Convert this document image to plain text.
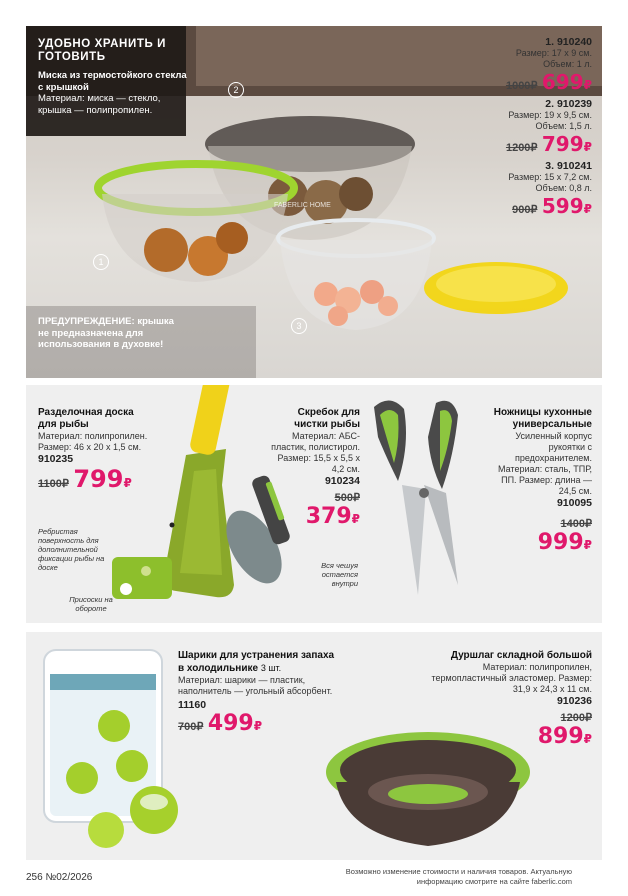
УДОБНО ХРАНИТЬ И ГОТОВИТЬ
Миска из термостойкого стекла с крышкой
Материал: миска — стекло, крышка — полипропилен.
ПРЕДУПРЕЖДЕНИЕ: крышка не предназначена для использования в духовке!
1
2
3
FABERLIC HOME
1. 910240
Размер: 17 х 9 см.
Объем: 1 л.
1000₽ 699₽
2. 910239
Размер: 19 х 9,5 см.
Объем: 1,5 л.
1200₽ 799₽
3. 910241
Размер: 15 х 7,2 см.
Объем: 0,8 л.
900₽ 599₽
Разделочная доска для рыбы
Материал: полипропилен. Размер: 46 х 20 х 1,5 см.
910235
1100₽ 799₽
Ребристая поверхность для дополнительной фиксации рыбы на доске
Присоски на обороте
Скребок для чистки рыбы
Материал: АБС-пластик, полистирол. Размер: 15,5 х 5,5 х 4,2 см.
910234
500₽
379₽
Вся чешуя остается внутри
Ножницы кухонные универсальные
Усиленный корпус рукоятки с предохранителем. Материал: сталь, ТПР, ПП. Размер: длина — 24,5 см.
910095
1400₽
999₽
faberlic
Шарики для устранения запаха в холодильнике 3 шт.
Материал: шарики — пластик, наполнитель — угольный абсорбент.
11160
700₽ 499₽
Дуршлаг складной большой
Материал: полипропилен, термопластичный эластомер. Размер: 31,9 х 24,3 х 11 см.
910236
1200₽
899₽
256 №02/2026
Возможно изменение стоимости и наличия товаров. Актуальную информацию смотрите на сайте faberlic.com
